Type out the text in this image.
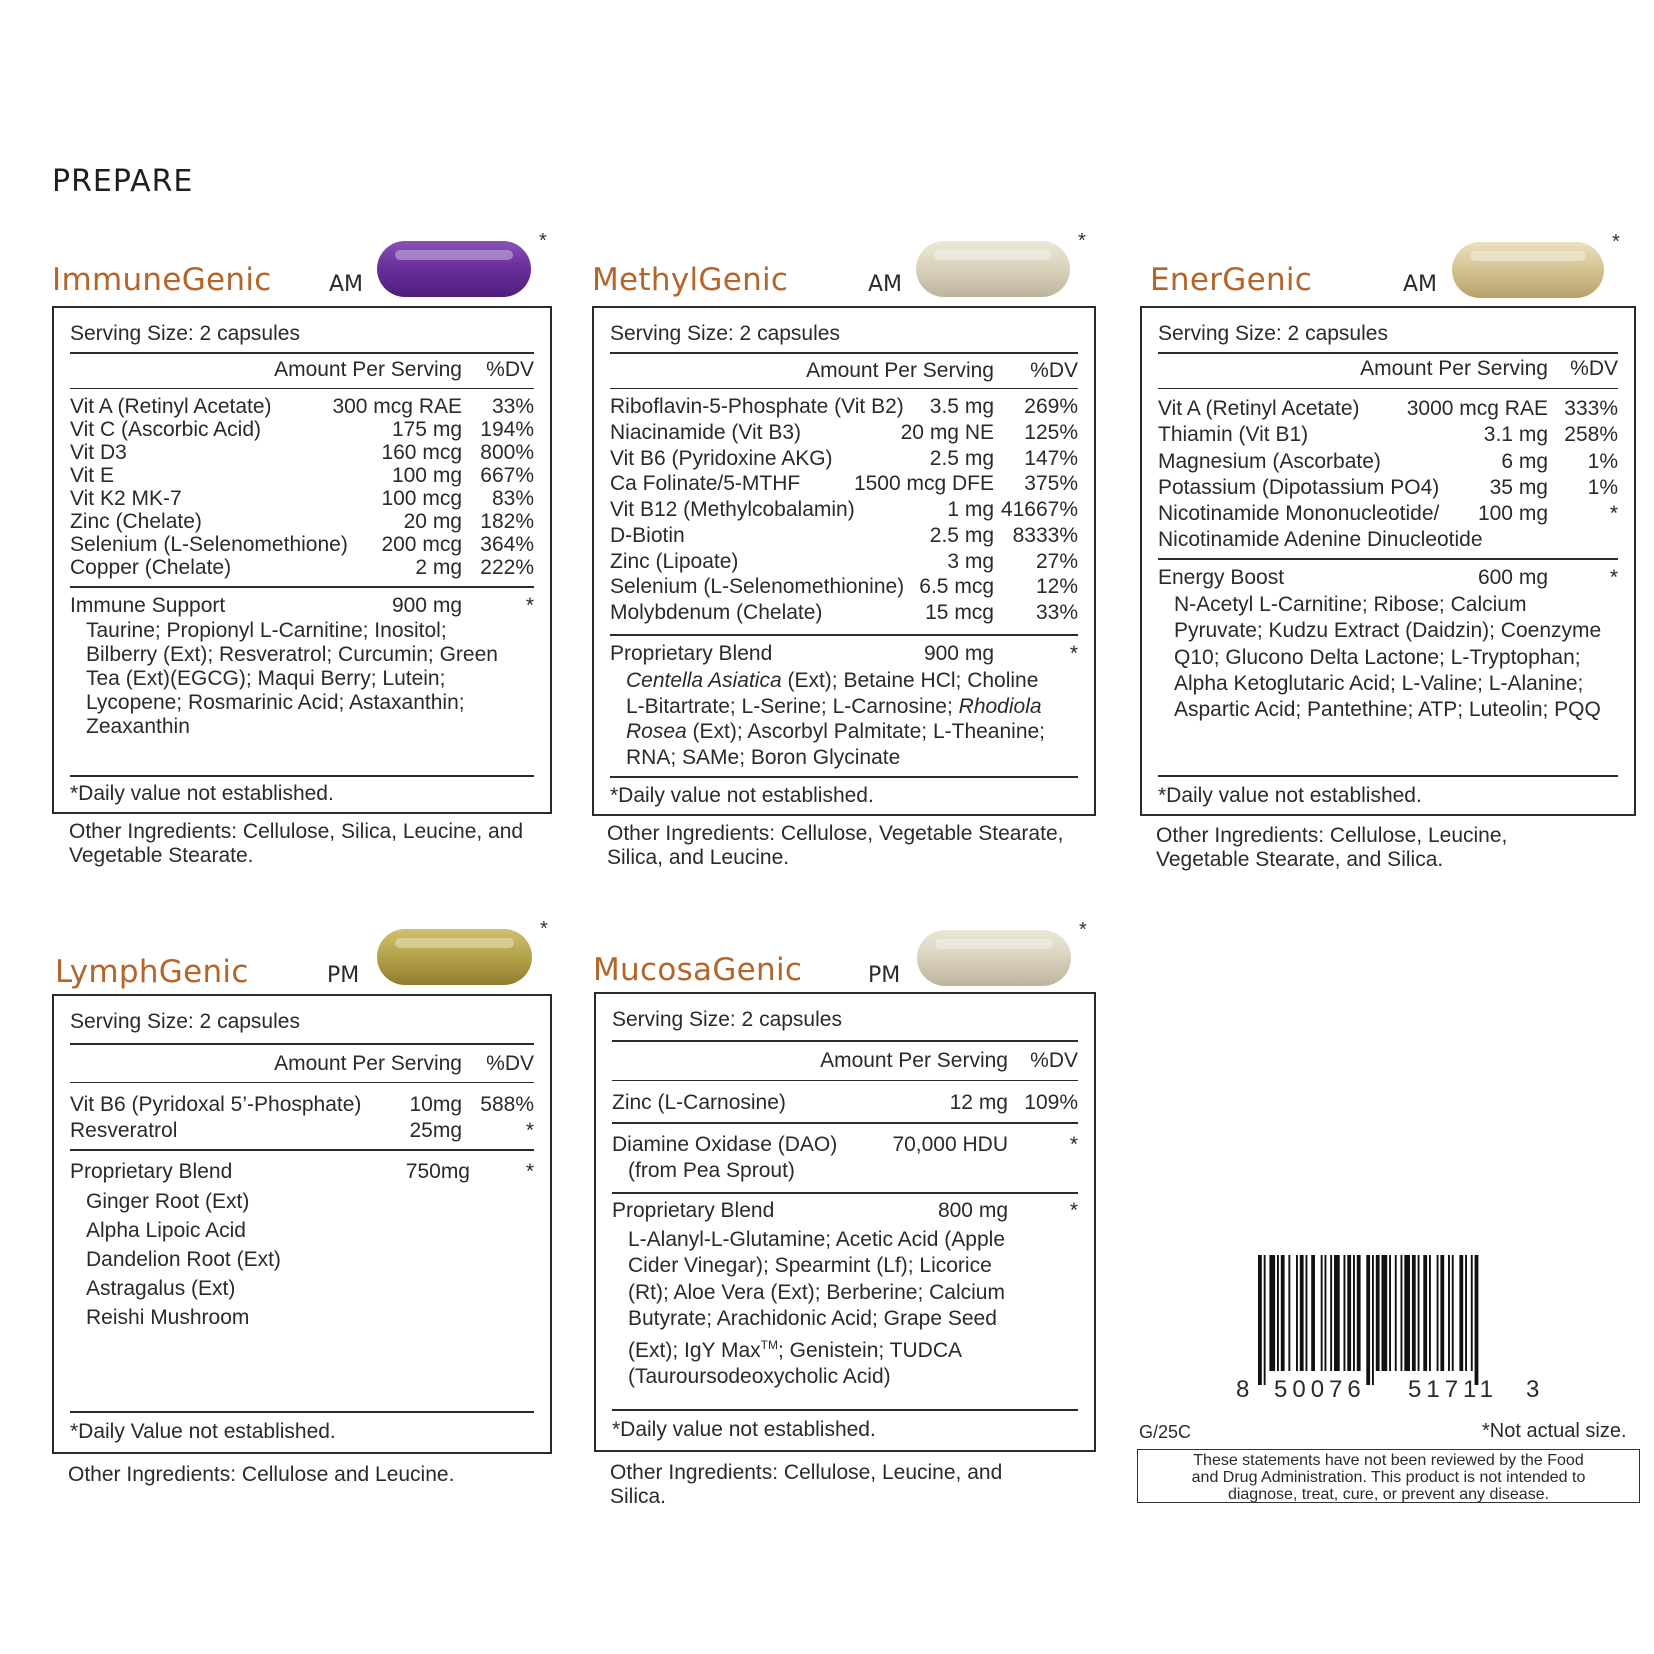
PREPARE
ImmuneGenic	AM
*
Serving Size: 2 capsules
Amount Per Serving %DV
Vit A (Retinyl Acetate)	300 mcg RAE 33%
Vit C (Ascorbic Acid)	175 mg 194%
Vit D3	160 mcg 800%
Vit E	100 mg 667%
Vit K2 MK-7	100 mcg 83%
Zinc (Chelate)	20 mg 182%
Selenium (L-Selenomethione) 200 mcg 364%
Copper (Chelate)	2 mg 222%
Immune Support	900 mg	*
Taurine; Propionyl L-Carnitine; Inositol;
Bilberry (Ext); Resveratrol; Curcumin; Green
Tea (Ext)(EGCG); Maqui Berry; Lutein;
Lycopene; Rosmarinic Acid; Astaxanthin;
Zeaxanthin
*Daily value not established.
Other Ingredients: Cellulose, Silica, Leucine, and
Vegetable Stearate.
MethylGenic	AM
*
Serving Size: 2 capsules
Amount Per Serving %DV
Riboflavin-5-Phosphate (Vit B2) 3.5 mg 269%
Niacinamide (Vit B3)	20 mg NE 125%
Vit B6 (Pyridoxine AKG)	2.5 mg 147%
Ca Folinate/5-MTHF	1500 mcg DFE 375%
Vit B12 (Methylcobalamin)	1 mg 41667%
D-Biotin	2.5 mg 8333%
Zinc (Lipoate)	3 mg 27%
Selenium (L-Selenomethionine) 6.5 mcg 12%
Molybdenum (Chelate)	15 mcg 33%
Proprietary Blend	900 mg	*
Centella Asiatica (Ext); Betaine HCl; Choline
L-Bitartrate; L-Serine; L-Carnosine; Rhodiola
Rosea (Ext); Ascorbyl Palmitate; L-Theanine;
RNA; SAMe; Boron Glycinate
*Daily value not established.
Other Ingredients: Cellulose, Vegetable Stearate,
Silica, and Leucine.
EnerGenic	AM
*
Serving Size: 2 capsules
Amount Per Serving %DV
Vit A (Retinyl Acetate) 3000 mcg RAE 333%
Thiamin (Vit B1)	3.1 mg 258%
Magnesium (Ascorbate)	6 mg 1%
Potassium (Dipotassium PO4) 35 mg 1%
Nicotinamide Mononucleotide/ 100 mg	*
Nicotinamide Adenine Dinucleotide
Energy Boost	600 mg	*
N-Acetyl L-Carnitine; Ribose; Calcium
Pyruvate; Kudzu Extract (Daidzin); Coenzyme
Q10; Glucono Delta Lactone; L-Tryptophan;
Alpha Ketoglutaric Acid; L-Valine; L-Alanine;
Aspartic Acid; Pantethine; ATP; Luteolin; PQQ
*Daily value not established.
Other Ingredients: Cellulose, Leucine,
Vegetable Stearate, and Silica.
LymphGenic	PM
*
Serving Size: 2 capsules
Amount Per Serving %DV
Vit B6 (Pyridoxal 5’-Phosphate) 10mg 588%
Resveratrol	25mg	*
Proprietary Blend	750mg	*
Ginger Root (Ext)
Alpha Lipoic Acid
Dandelion Root (Ext)
Astragalus (Ext)
Reishi Mushroom
*Daily Value not established.
Other Ingredients: Cellulose and Leucine.
MucosaGenic	PM
*
Serving Size: 2 capsules
Amount Per Serving %DV
Zinc (L-Carnosine)	12 mg 109%
Diamine Oxidase (DAO)	70,000 HDU	*
(from Pea Sprout)
Proprietary Blend	800 mg	*
L-Alanyl-L-Glutamine; Acetic Acid (Apple
Cider Vinegar); Spearmint (Lf); Licorice
(Rt); Aloe Vera (Ext); Berberine; Calcium
Butyrate; Arachidonic Acid; Grape Seed
(Ext); IgY Max™; Genistein; TUDCA
(Tauroursodeoxycholic Acid)
*Daily value not established.
Other Ingredients: Cellulose, Leucine, and
Silica.
8 50076 51711 3
G/25C	*Not actual size.
These statements have not been reviewed by the Food
and Drug Administration. This product is not intended to
diagnose, treat, cure, or prevent any disease.
